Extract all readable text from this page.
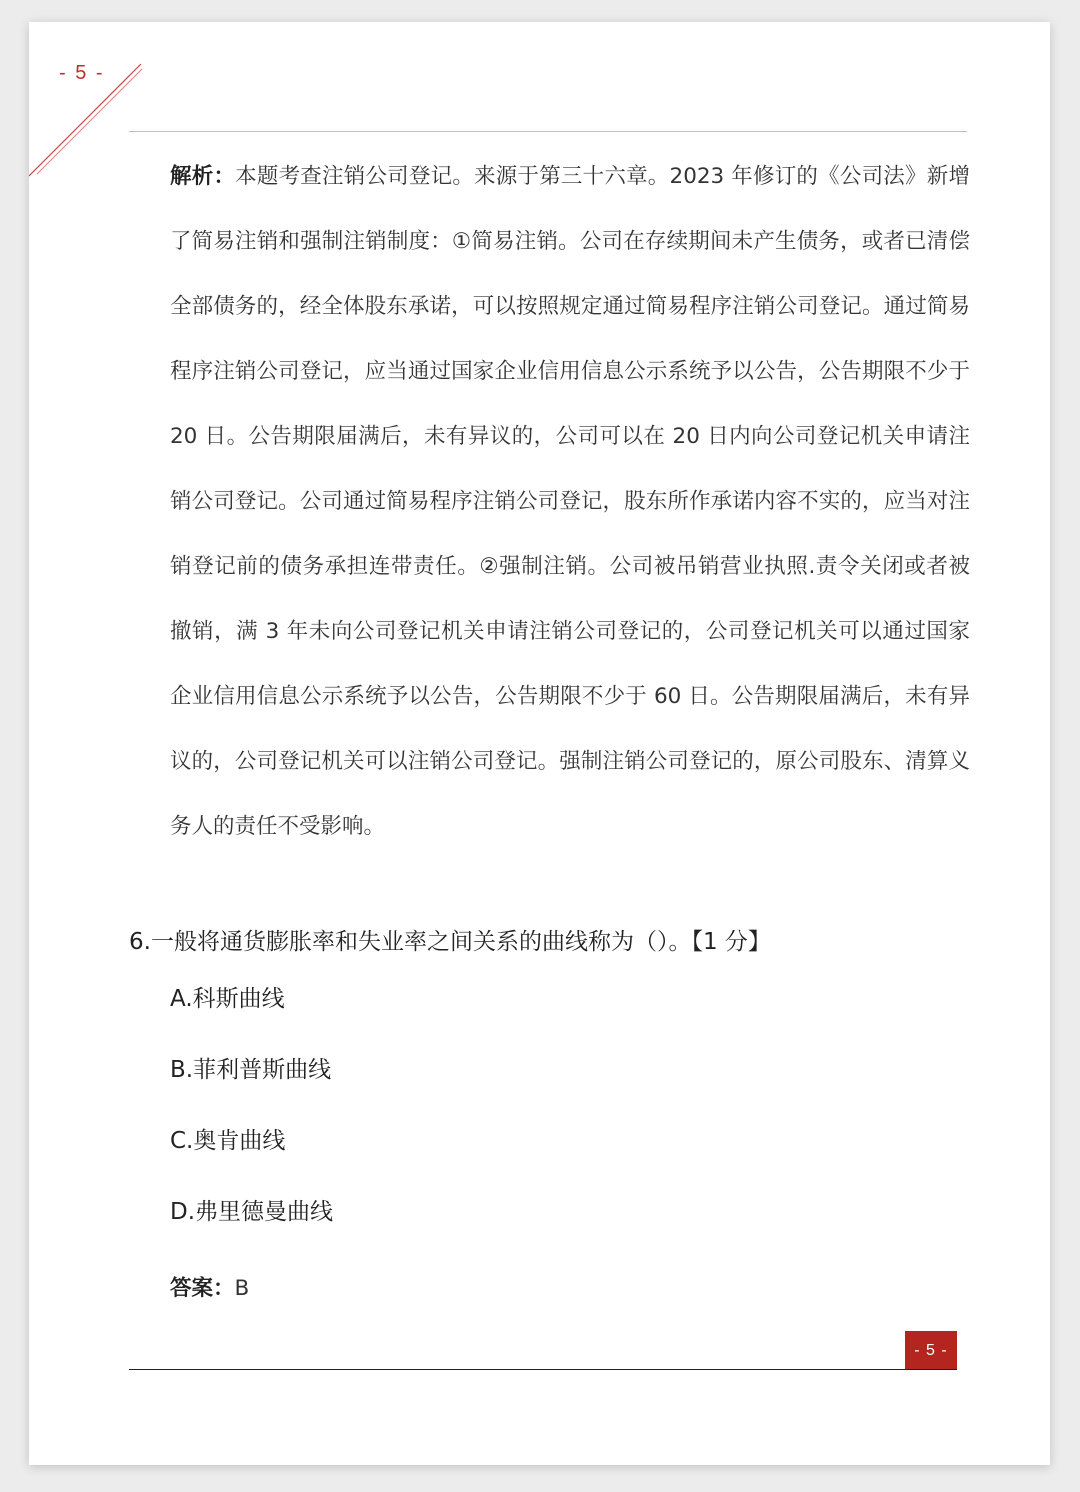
- 5 -

解析：本题考查注销公司登记。来源于第三十六章。2023 年修订的《公司法》新增了简易注销和强制注销制度：①简易注销。公司在存续期间未产生债务，或者已清偿全部债务的，经全体股东承诺，可以按照规定通过简易程序注销公司登记。通过简易程序注销公司登记，应当通过国家企业信用信息公示系统予以公告，公告期限不少于 20 日。公告期限届满后，未有异议的，公司可以在 20 日内向公司登记机关申请注销公司登记。公司通过简易程序注销公司登记，股东所作承诺内容不实的，应当对注销登记前的债务承担连带责任。②强制注销。公司被吊销营业执照.责令关闭或者被撤销，满 3 年未向公司登记机关申请注销公司登记的，公司登记机关可以通过国家企业信用信息公示系统予以公告，公告期限不少于 60 日。公告期限届满后，未有异议的，公司登记机关可以注销公司登记。强制注销公司登记的，原公司股东、清算义务人的责任不受影响。

6.一般将通货膨胀率和失业率之间关系的曲线称为（）。【1 分】

A.科斯曲线

B.菲利普斯曲线

C.奥肯曲线

D.弗里德曼曲线

答案：B

- 5 -
